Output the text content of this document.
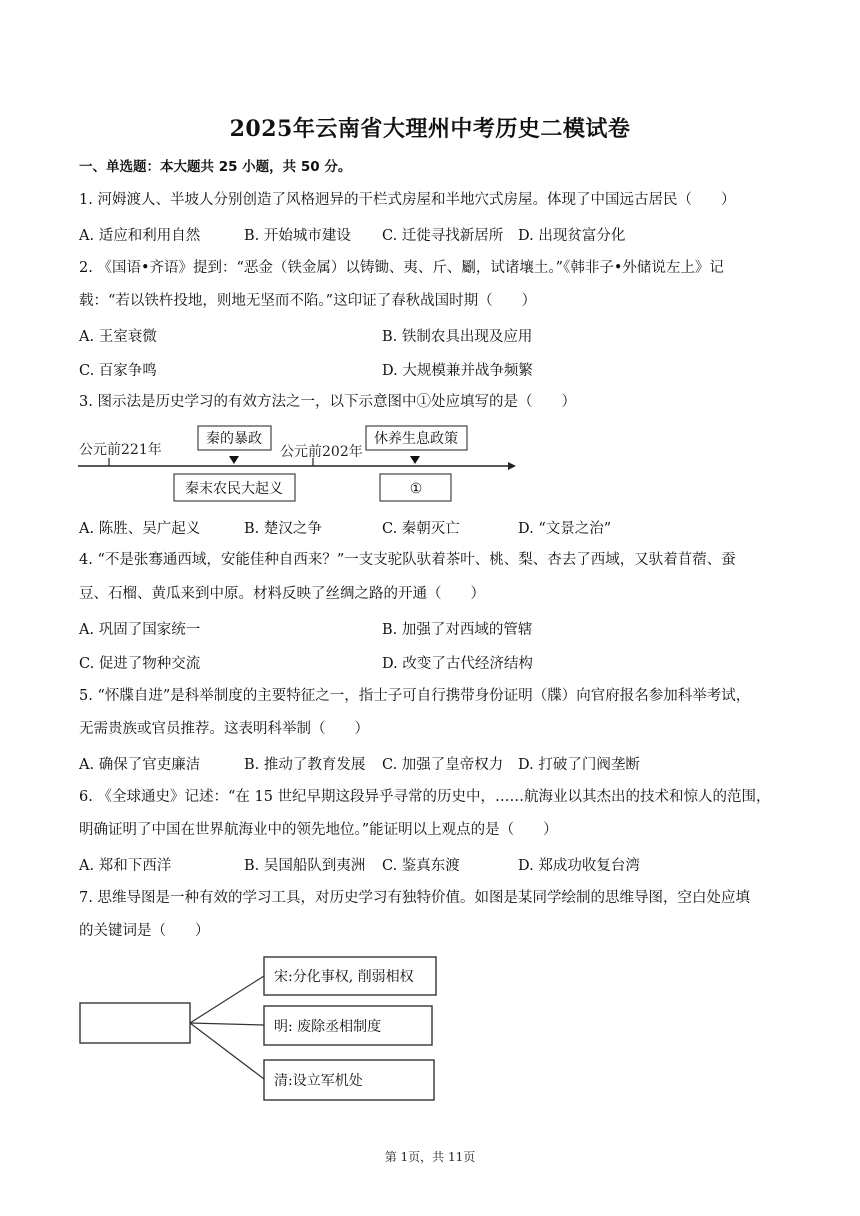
2025年云南省大理州中考历史二模试卷
一、单选题：本大题共 25 小题，共 50 分。
1. 河姆渡人、半坡人分别创造了风格迥异的干栏式房屋和半地穴式房屋。体现了中国远古居民（　　）
A. 适应和利用自然	B. 开始城市建设 C. 迁徙寻找新居所 D. 出现贫富分化
2. 《国语•齐语》提到：“恶金（铁金属）以铸锄、夷、斤、劚，试诸壤土。”《韩非子•外储说左上》记
载：“若以铁杵投地，则地无坚而不陷。”这印证了春秋战国时期（　　）
A. 王室衰微	B. 铁制农具出现及应用
C. 百家争鸣	D. 大规模兼并战争频繁
3. 图示法是历史学习的有效方法之一，以下示意图中①处应填写的是（　　）
公元前221年	公元前202年
秦的暴政
秦末农民大起义
休养生息政策
①
A. 陈胜、吴广起义	B. 楚汉之争	C. 秦朝灭亡	D. “文景之治”
4. “不是张骞通西域，安能佳种自西来？”一支支驼队驮着茶叶、桃、梨、杏去了西域，又驮着苜蓿、蚕
豆、石榴、黄瓜来到中原。材料反映了丝绸之路的开通（　　）
A. 巩固了国家统一	B. 加强了对西域的管辖
C. 促进了物种交流	D. 改变了古代经济结构
5. “怀牒自进”是科举制度的主要特征之一，指士子可自行携带身份证明（牒）向官府报名参加科举考试，
无需贵族或官员推荐。这表明科举制（　　）
A. 确保了官吏廉洁	B. 推动了教育发展 C. 加强了皇帝权力 D. 打破了门阀垄断
6. 《全球通史》记述：“在 15 世纪早期这段异乎寻常的历史中，……航海业以其杰出的技术和惊人的范围，
明确证明了中国在世界航海业中的领先地位。”能证明以上观点的是（　　）
A. 郑和下西洋	B. 吴国船队到夷洲 C. 鉴真东渡	D. 郑成功收复台湾
7. 思维导图是一种有效的学习工具，对历史学习有独特价值。如图是某同学绘制的思维导图，空白处应填
的关键词是（　　）
宋:分化事权, 削弱相权
明: 废除丞相制度
清:设立军机处
第 1页，共 11页
